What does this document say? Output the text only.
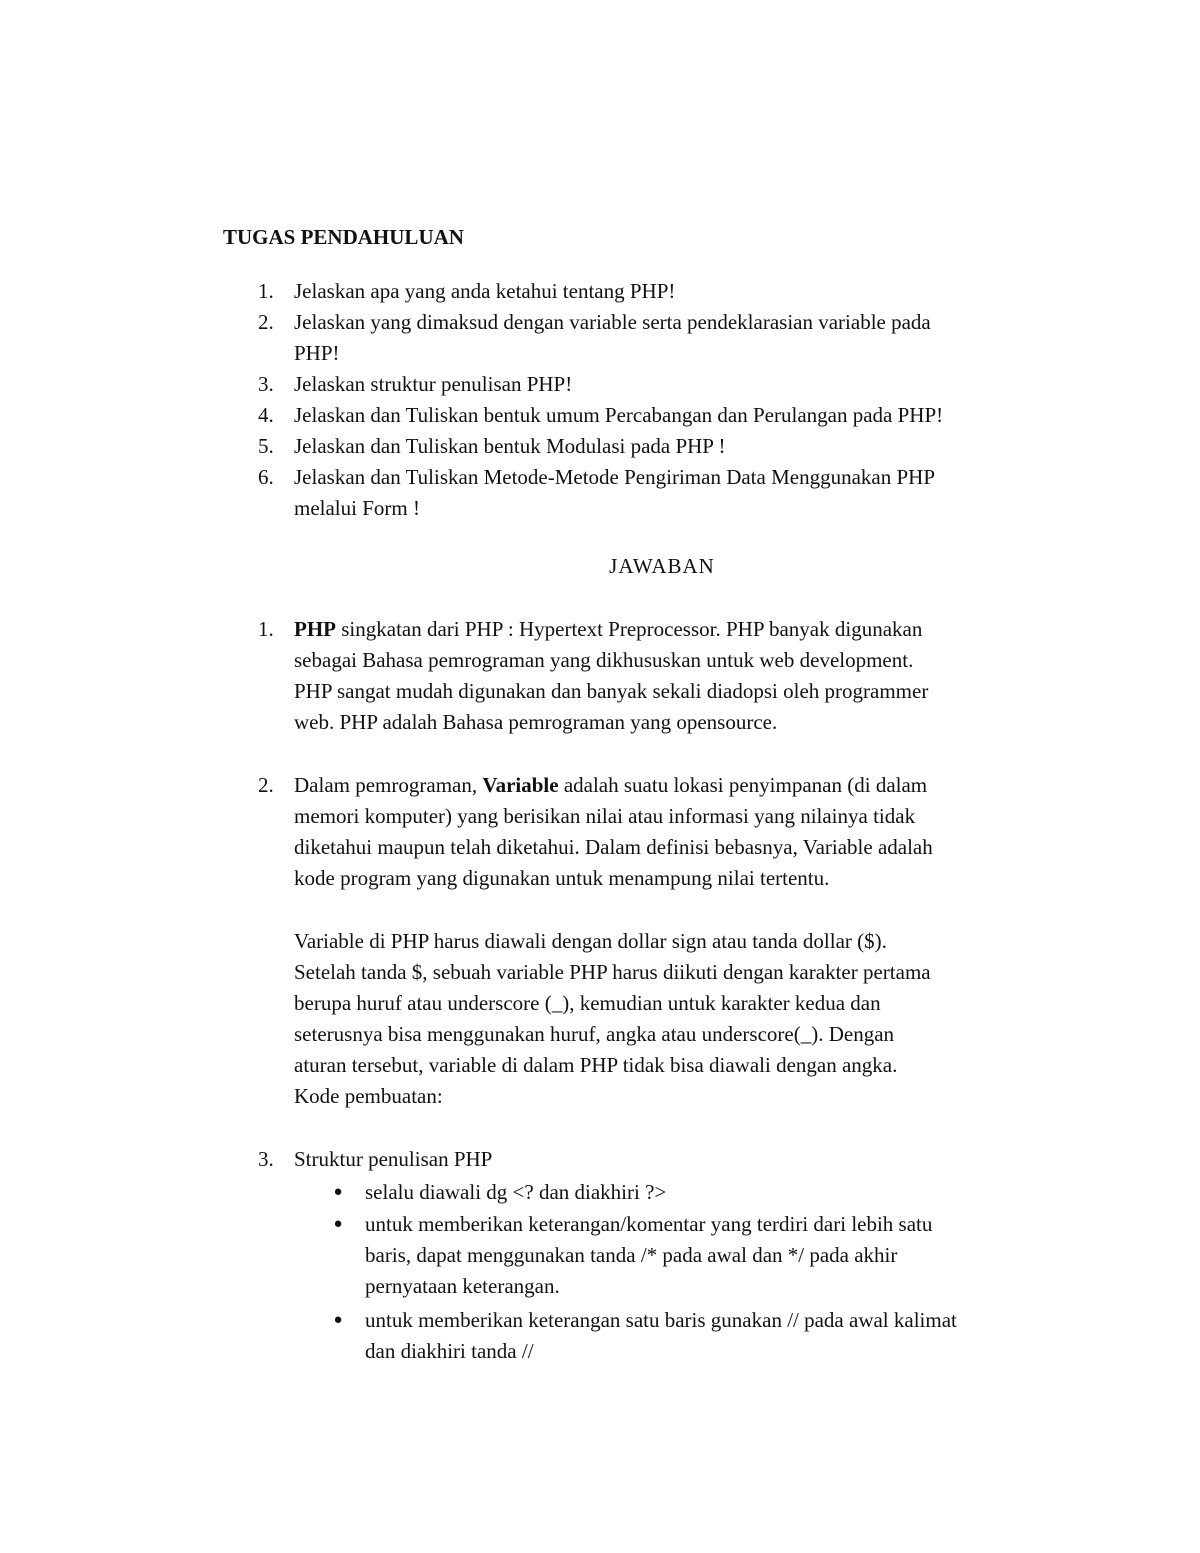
TUGAS PENDAHULUAN
1. Jelaskan apa yang anda ketahui tentang PHP!
2. Jelaskan yang dimaksud dengan variable serta pendeklarasian variable pada
PHP!
3. Jelaskan struktur penulisan PHP!
4. Jelaskan dan Tuliskan bentuk umum Percabangan dan Perulangan pada PHP!
5. Jelaskan dan Tuliskan bentuk Modulasi pada PHP !
6. Jelaskan dan Tuliskan Metode-Metode Pengiriman Data Menggunakan PHP
melalui Form !
JAWABAN
1. PHP singkatan dari PHP : Hypertext Preprocessor. PHP banyak digunakan
sebagai Bahasa pemrograman yang dikhususkan untuk web development.
PHP sangat mudah digunakan dan banyak sekali diadopsi oleh programmer
web. PHP adalah Bahasa pemrograman yang opensource.
2. Dalam pemrograman, Variable adalah suatu lokasi penyimpanan (di dalam
memori komputer) yang berisikan nilai atau informasi yang nilainya tidak
diketahui maupun telah diketahui. Dalam definisi bebasnya, Variable adalah
kode program yang digunakan untuk menampung nilai tertentu.
Variable di PHP harus diawali dengan dollar sign atau tanda dollar ($).
Setelah tanda $, sebuah variable PHP harus diikuti dengan karakter pertama
berupa huruf atau underscore (_), kemudian untuk karakter kedua dan
seterusnya bisa menggunakan huruf, angka atau underscore(_). Dengan
aturan tersebut, variable di dalam PHP tidak bisa diawali dengan angka.
Kode pembuatan:
3. Struktur penulisan PHP
●	selalu diawali dg <? dan diakhiri ?>
●	untuk memberikan keterangan/komentar yang terdiri dari lebih satu
baris, dapat menggunakan tanda /* pada awal dan */ pada akhir
pernyataan keterangan.
●	untuk memberikan keterangan satu baris gunakan // pada awal kalimat
dan diakhiri tanda //
